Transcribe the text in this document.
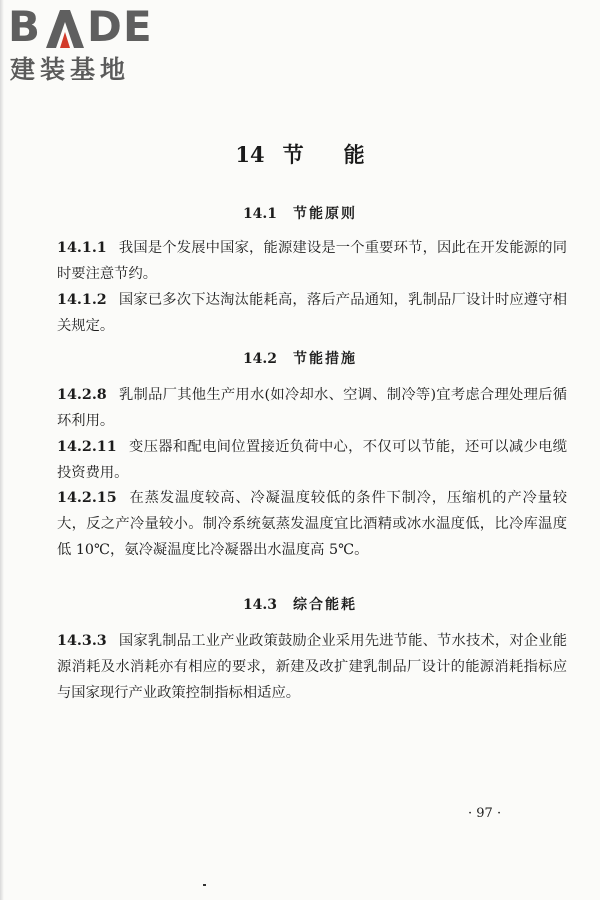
B D E
建装基地
14 节 能
14.1 节能原则
14.1.1 我国是个发展中国家，能源建设是一个重要环节，因此在开发能源的同时要注意节约。
14.1.2 国家已多次下达淘汰能耗高，落后产品通知，乳制品厂设计时应遵守相关规定。
14.2 节能措施
14.2.8 乳制品厂其他生产用水(如冷却水、空调、制冷等)宜考虑合理处理后循环利用。
14.2.11 变压器和配电间位置接近负荷中心，不仅可以节能，还可以减少电缆投资费用。
14.2.15 在蒸发温度较高、冷凝温度较低的条件下制冷，压缩机的产冷量较大，反之产冷量较小。制冷系统氨蒸发温度宜比酒精或冰水温度低，比冷库温度低 10℃，氨冷凝温度比冷凝器出水温度高 5℃。
14.3 综合能耗
14.3.3 国家乳制品工业产业政策鼓励企业采用先进节能、节水技术，对企业能源消耗及水消耗亦有相应的要求，新建及改扩建乳制品厂设计的能源消耗指标应与国家现行产业政策控制指标相适应。
· 97 ·
